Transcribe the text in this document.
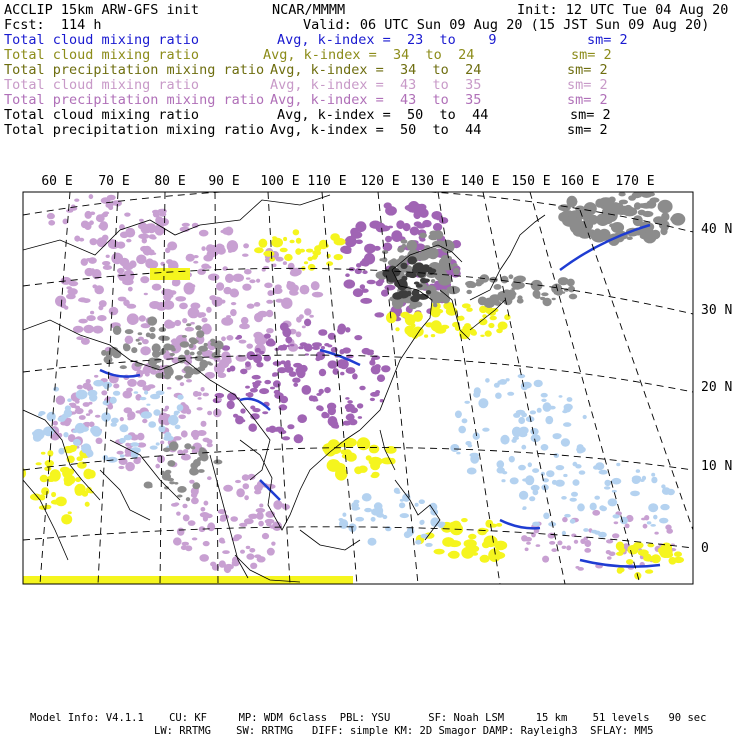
ACCLIP 15km ARW-GFS init	NCAR/MMMM	Init: 12 UTC Tue 04 Aug 20
Fcst:  114 h	Valid: 06 UTC Sun 09 Aug 20 (15 JST Sun 09 Aug 20)
Total cloud mixing ratio	Avg, k-index =  23  to    9	sm= 2
Total cloud mixing ratio	Avg, k-index =  34  to  24	sm= 2
Total precipitation mixing ratio Avg, k-index =  34  to  24	sm= 2
Total cloud mixing ratio	Avg, k-index =  43  to  35	sm= 2
Total precipitation mixing ratio Avg, k-index =  43  to  35	sm= 2
Total cloud mixing ratio	Avg, k-index =  50  to  44	sm= 2
Total precipitation mixing ratio Avg, k-index =  50  to  44	sm= 2
60 E 70 E 80 E 90 E 100 E 110 E 120 E 130 E 140 E 150 E 160 E 170 E
40 N
30 N
20 N
10 N
0
Model Info: V4.1.1    CU: KF     MP: WDM 6class  PBL: YSU      SF: Noah LSM     15 km    51 levels   90 sec
LW: RRTMG    SW: RRTMG   DIFF: simple KM: 2D Smagor DAMP: Rayleigh3  SFLAY: MM5
